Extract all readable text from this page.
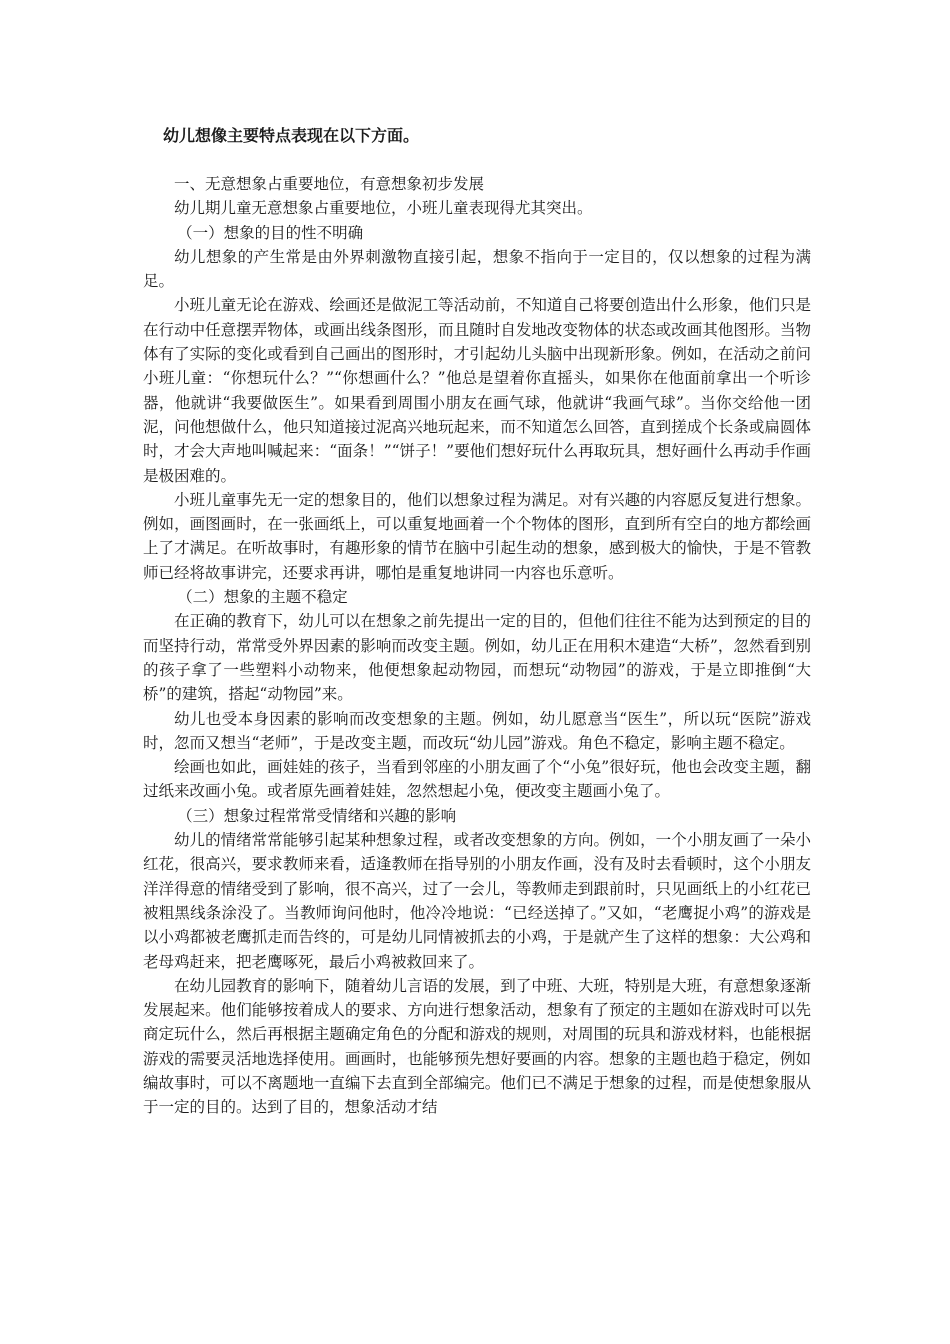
幼儿想像主要特点表现在以下方面。
一、无意想象占重要地位，有意想象初步发展
幼儿期儿童无意想象占重要地位，小班儿童表现得尤其突出。
（一）想象的目的性不明确
幼儿想象的产生常是由外界刺激物直接引起，想象不指向于一定目的，仅以想象的过程为满足。
小班儿童无论在游戏、绘画还是做泥工等活动前，不知道自己将要创造出什么形象，他们只是在行动中任意摆弄物体，或画出线条图形，而且随时自发地改变物体的状态或改画其他图形。当物体有了实际的变化或看到自己画出的图形时，才引起幼儿头脑中出现新形象。例如，在活动之前问小班儿童：“你想玩什么？”“你想画什么？”他总是望着你直摇头，如果你在他面前拿出一个听诊器，他就讲“我要做医生”。如果看到周围小朋友在画气球，他就讲“我画气球”。当你交给他一团泥，问他想做什么，他只知道接过泥高兴地玩起来，而不知道怎么回答，直到搓成个长条或扁圆体时，才会大声地叫喊起来：“面条！”“饼子！”要他们想好玩什么再取玩具，想好画什么再动手作画是极困难的。
小班儿童事先无一定的想象目的，他们以想象过程为满足。对有兴趣的内容愿反复进行想象。例如，画图画时，在一张画纸上，可以重复地画着一个个物体的图形，直到所有空白的地方都绘画上了才满足。在听故事时，有趣形象的情节在脑中引起生动的想象，感到极大的愉快，于是不管教师已经将故事讲完，还要求再讲，哪怕是重复地讲同一内容也乐意听。
（二）想象的主题不稳定
在正确的教育下，幼儿可以在想象之前先提出一定的目的，但他们往往不能为达到预定的目的而坚持行动，常常受外界因素的影响而改变主题。例如，幼儿正在用积木建造“大桥”，忽然看到别的孩子拿了一些塑料小动物来，他便想象起动物园，而想玩“动物园”的游戏，于是立即推倒“大桥”的建筑，搭起“动物园”来。
幼儿也受本身因素的影响而改变想象的主题。例如，幼儿愿意当“医生”，所以玩“医院”游戏时，忽而又想当“老师”，于是改变主题，而改玩“幼儿园”游戏。角色不稳定，影响主题不稳定。
绘画也如此，画娃娃的孩子，当看到邻座的小朋友画了个“小兔”很好玩，他也会改变主题，翻过纸来改画小兔。或者原先画着娃娃，忽然想起小兔，便改变主题画小兔了。
（三）想象过程常常受情绪和兴趣的影响
幼儿的情绪常常能够引起某种想象过程，或者改变想象的方向。例如，一个小朋友画了一朵小红花，很高兴，要求教师来看，适逢教师在指导别的小朋友作画，没有及时去看顿时，这个小朋友洋洋得意的情绪受到了影响，很不高兴，过了一会儿，等教师走到跟前时，只见画纸上的小红花已被粗黑线条涂没了。当教师询问他时，他冷冷地说：“已经送掉了。”又如，“老鹰捉小鸡”的游戏是以小鸡都被老鹰抓走而告终的，可是幼儿同情被抓去的小鸡，于是就产生了这样的想象：大公鸡和老母鸡赶来，把老鹰啄死，最后小鸡被救回来了。
在幼儿园教育的影响下，随着幼儿言语的发展，到了中班、大班，特别是大班，有意想象逐渐发展起来。他们能够按着成人的要求、方向进行想象活动，想象有了预定的主题如在游戏时可以先商定玩什么，然后再根据主题确定角色的分配和游戏的规则，对周围的玩具和游戏材料，也能根据游戏的需要灵活地选择使用。画画时，也能够预先想好要画的内容。想象的主题也趋于稳定，例如编故事时，可以不离题地一直编下去直到全部编完。他们已不满足于想象的过程，而是使想象服从于一定的目的。达到了目的，想象活动才结
